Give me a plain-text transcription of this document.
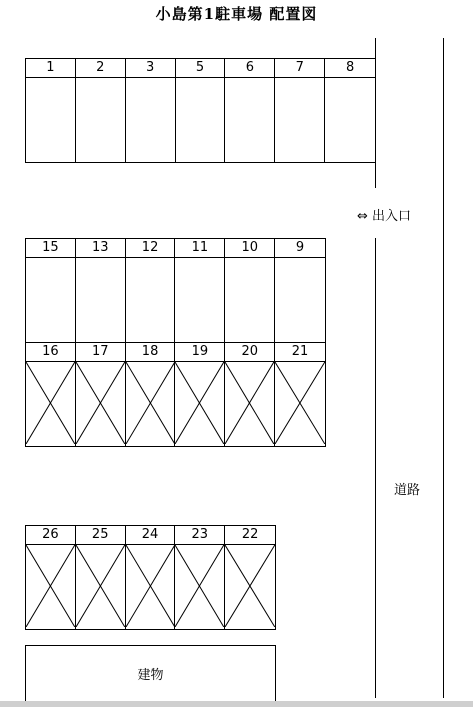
小島第1駐車場 配置図
1	2	3	5	6	7	8
15	13	12	11	10	9
16	17	18	19	20	21
26	25	24	23	22
建物
⇔ 出入口
道路
